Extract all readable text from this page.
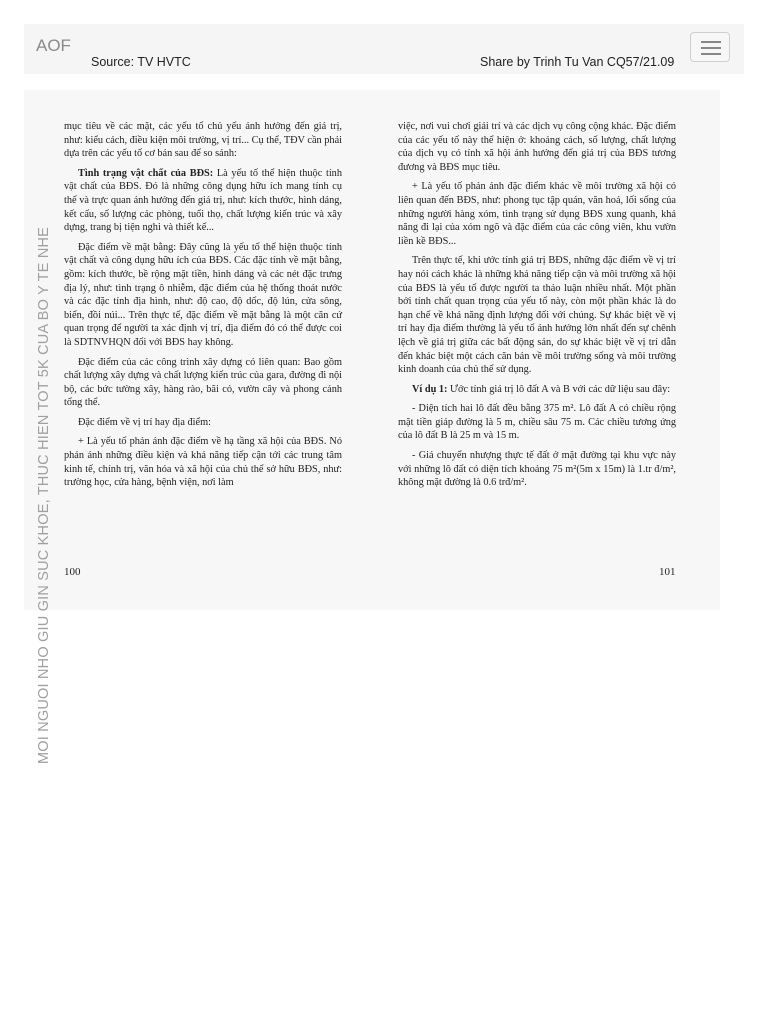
AOF
Source: TV HVTC	Share by Trinh Tu Van CQ57/21.09

mục tiêu về các mặt, các yếu tố chủ yếu ảnh hưởng đến giá trị, như: kiểu cách, điều kiện môi trường, vị trí... Cụ thể, TĐV cần phải dựa trên các yếu tố cơ bản sau để so sánh:

Tình trạng vật chất của BĐS: Là yếu tố thể hiện thuộc tính vật chất của BĐS. Đó là những công dụng hữu ích mang tính cụ thể và trực quan ảnh hưởng đến giá trị, như: kích thước, hình dáng, kết cấu, số lượng các phòng, tuổi thọ, chất lượng kiến trúc và xây dựng, trang bị tiện nghi và thiết kế...

Đặc điểm về mặt bằng: Đây cũng là yếu tố thể hiện thuộc tính vật chất và công dụng hữu ích của BĐS. Các đặc tính về mặt bằng, gồm: kích thước, bề rộng mặt tiền, hình dáng và các nét đặc trưng địa lý, như: tình trạng ô nhiễm, đặc điểm của hệ thống thoát nước và các đặc tính địa hình, như: độ cao, độ dốc, độ lún, cửa sông, biển, đồi núi... Trên thực tế, đặc điểm về mặt bằng là một căn cứ quan trọng để người ta xác định vị trí, địa điểm đó có thể được coi là SDTNVHQN đối với BĐS hay không.

Đặc điểm của các công trình xây dựng có liên quan: Bao gồm chất lượng xây dựng và chất lượng kiến trúc của gara, đường đi nội bộ, các bức tường xây, hàng rào, bãi cỏ, vườn cây và phong cảnh tổng thể.

Đặc điểm về vị trí hay địa điểm:

+ Là yếu tố phản ánh đặc điểm về hạ tầng xã hội của BĐS. Nó phản ánh những điều kiện và khả năng tiếp cận tới các trung tâm kinh tế, chính trị, văn hóa và xã hội của chủ thể sở hữu BĐS, như: trường học, cửa hàng, bệnh viện, nơi làm

100

việc, nơi vui chơi giải trí và các dịch vụ công cộng khác. Đặc điểm của các yếu tố này thể hiện ở: khoảng cách, số lượng, chất lượng của dịch vụ có tính xã hội ảnh hưởng đến giá trị của BĐS tương đương và BĐS mục tiêu.

+ Là yếu tố phản ánh đặc điểm khác về môi trường xã hội có liên quan đến BĐS, như: phong tục tập quán, văn hoá, lối sống của những người hàng xóm, tình trạng sử dụng BĐS xung quanh, khả năng đi lại của xóm ngõ và đặc điểm của các công viên, khu vườn liền kề BĐS...

Trên thực tế, khi ước tính giá trị BĐS, những đặc điểm về vị trí hay nói cách khác là những khả năng tiếp cận và môi trường xã hội của BĐS là yếu tố được người ta thảo luận nhiều nhất. Một phần bởi tính chất quan trọng của yếu tố này, còn một phần khác là do hạn chế về khả năng định lượng đối với chúng. Sự khác biệt về vị trí hay địa điểm thường là yếu tố ảnh hưởng lớn nhất đến sự chênh lệch về giá trị giữa các bất động sản, do sự khác biệt về vị trí dẫn đến khác biệt một cách căn bản về môi trường sống và môi trường kinh doanh của chủ thể sử dụng.

Ví dụ 1: Ước tính giá trị lô đất A và B với các dữ liệu sau đây:

- Diện tích hai lô đất đều bằng 375 m². Lô đất A có chiều rộng mặt tiền giáp đường là 5 m, chiều sâu 75 m. Các chiều tương ứng của lô đất B là 25 m và 15 m.

- Giá chuyển nhượng thực tế đất ở mặt đường tại khu vực này với những lô đất có diện tích khoảng 75 m²(5m x 15m) là 1.tr đ/m², không mặt đường là 0.6 trđ/m².

101
MOI NGUOI NHO GIU GIN SUC KHOE, THUC HIEN TOT 5K CUA BO Y TE NHE
